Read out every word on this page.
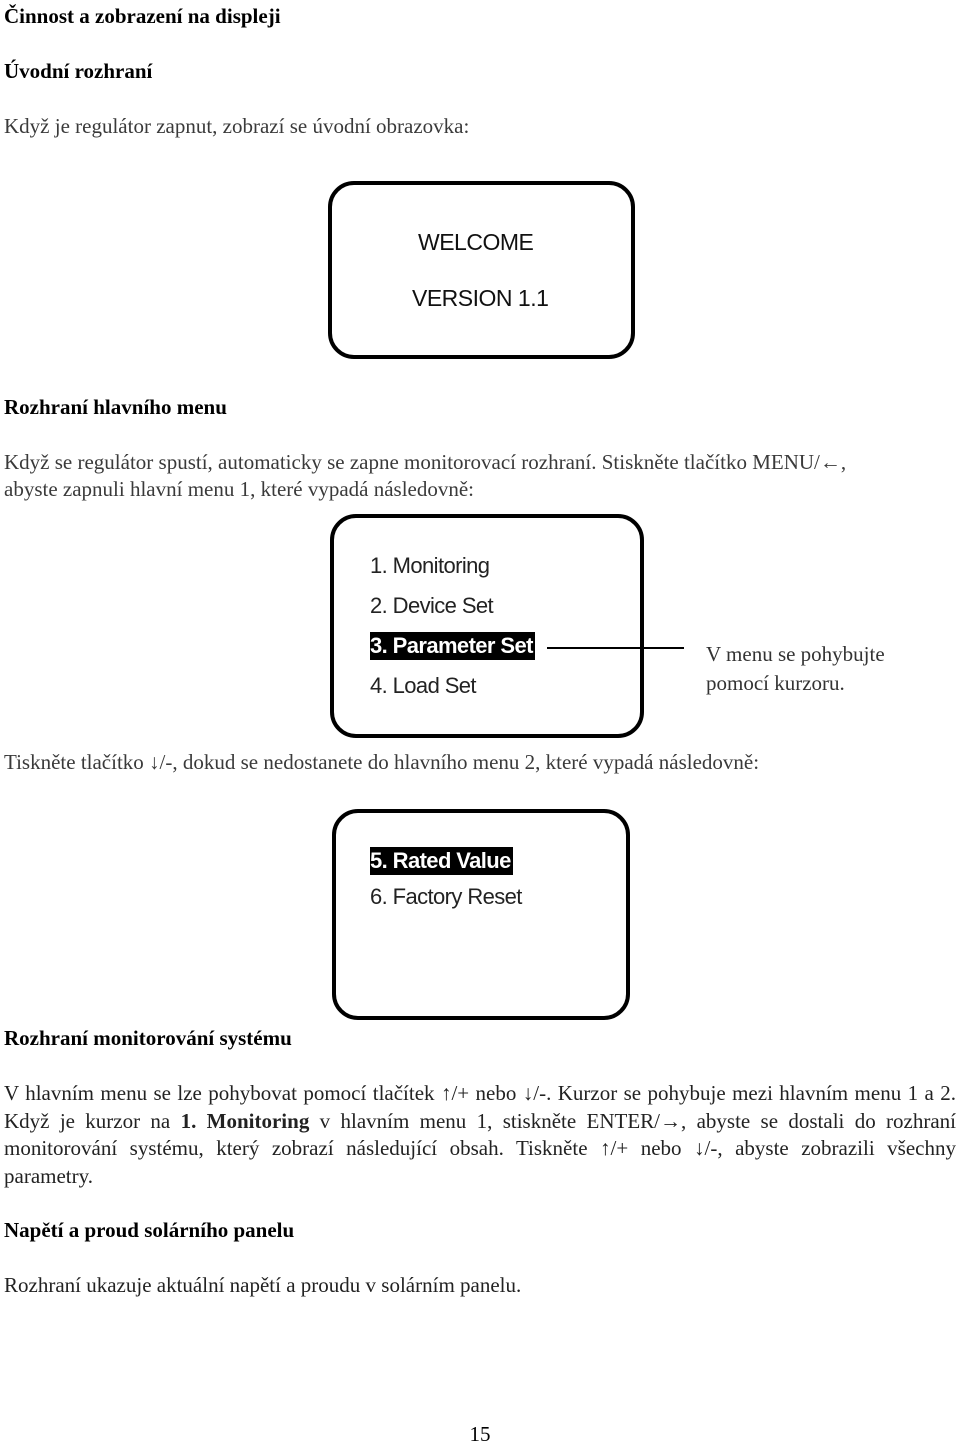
Činnost a zobrazení na displeji

Úvodní rozhraní

Když je regulátor zapnut, zobrazí se úvodní obrazovka:

WELCOME
VERSION 1.1

Rozhraní hlavního menu

Když se regulátor spustí, automaticky se zapne monitorovací rozhraní. Stiskněte tlačítko MENU/←,

abyste zapnuli hlavní menu 1, které vypadá následovně:

1. Monitoring
2. Device Set
3. Parameter Set
4. Load Set
V menu se pohybujte
pomocí kurzoru.

Tiskněte tlačítko ↓/-, dokud se nedostanete do hlavního menu 2, které vypadá následovně:

5. Rated Value
6. Factory Reset

Rozhraní monitorování systému

V hlavním menu se lze pohybovat pomocí tlačítek ↑/+ nebo ↓/-. Kurzor se pohybuje mezi hlavním menu 1 a 2. Když je kurzor na 1. Monitoring v hlavním menu 1, stiskněte ENTER/→, abyste se dostali do rozhraní monitorování systému, který zobrazí následující obsah. Tiskněte ↑/+ nebo ↓/-, abyste zobrazili všechny parametry.

Napětí a proud solárního panelu

Rozhraní ukazuje aktuální napětí a proudu v solárním panelu.

15
